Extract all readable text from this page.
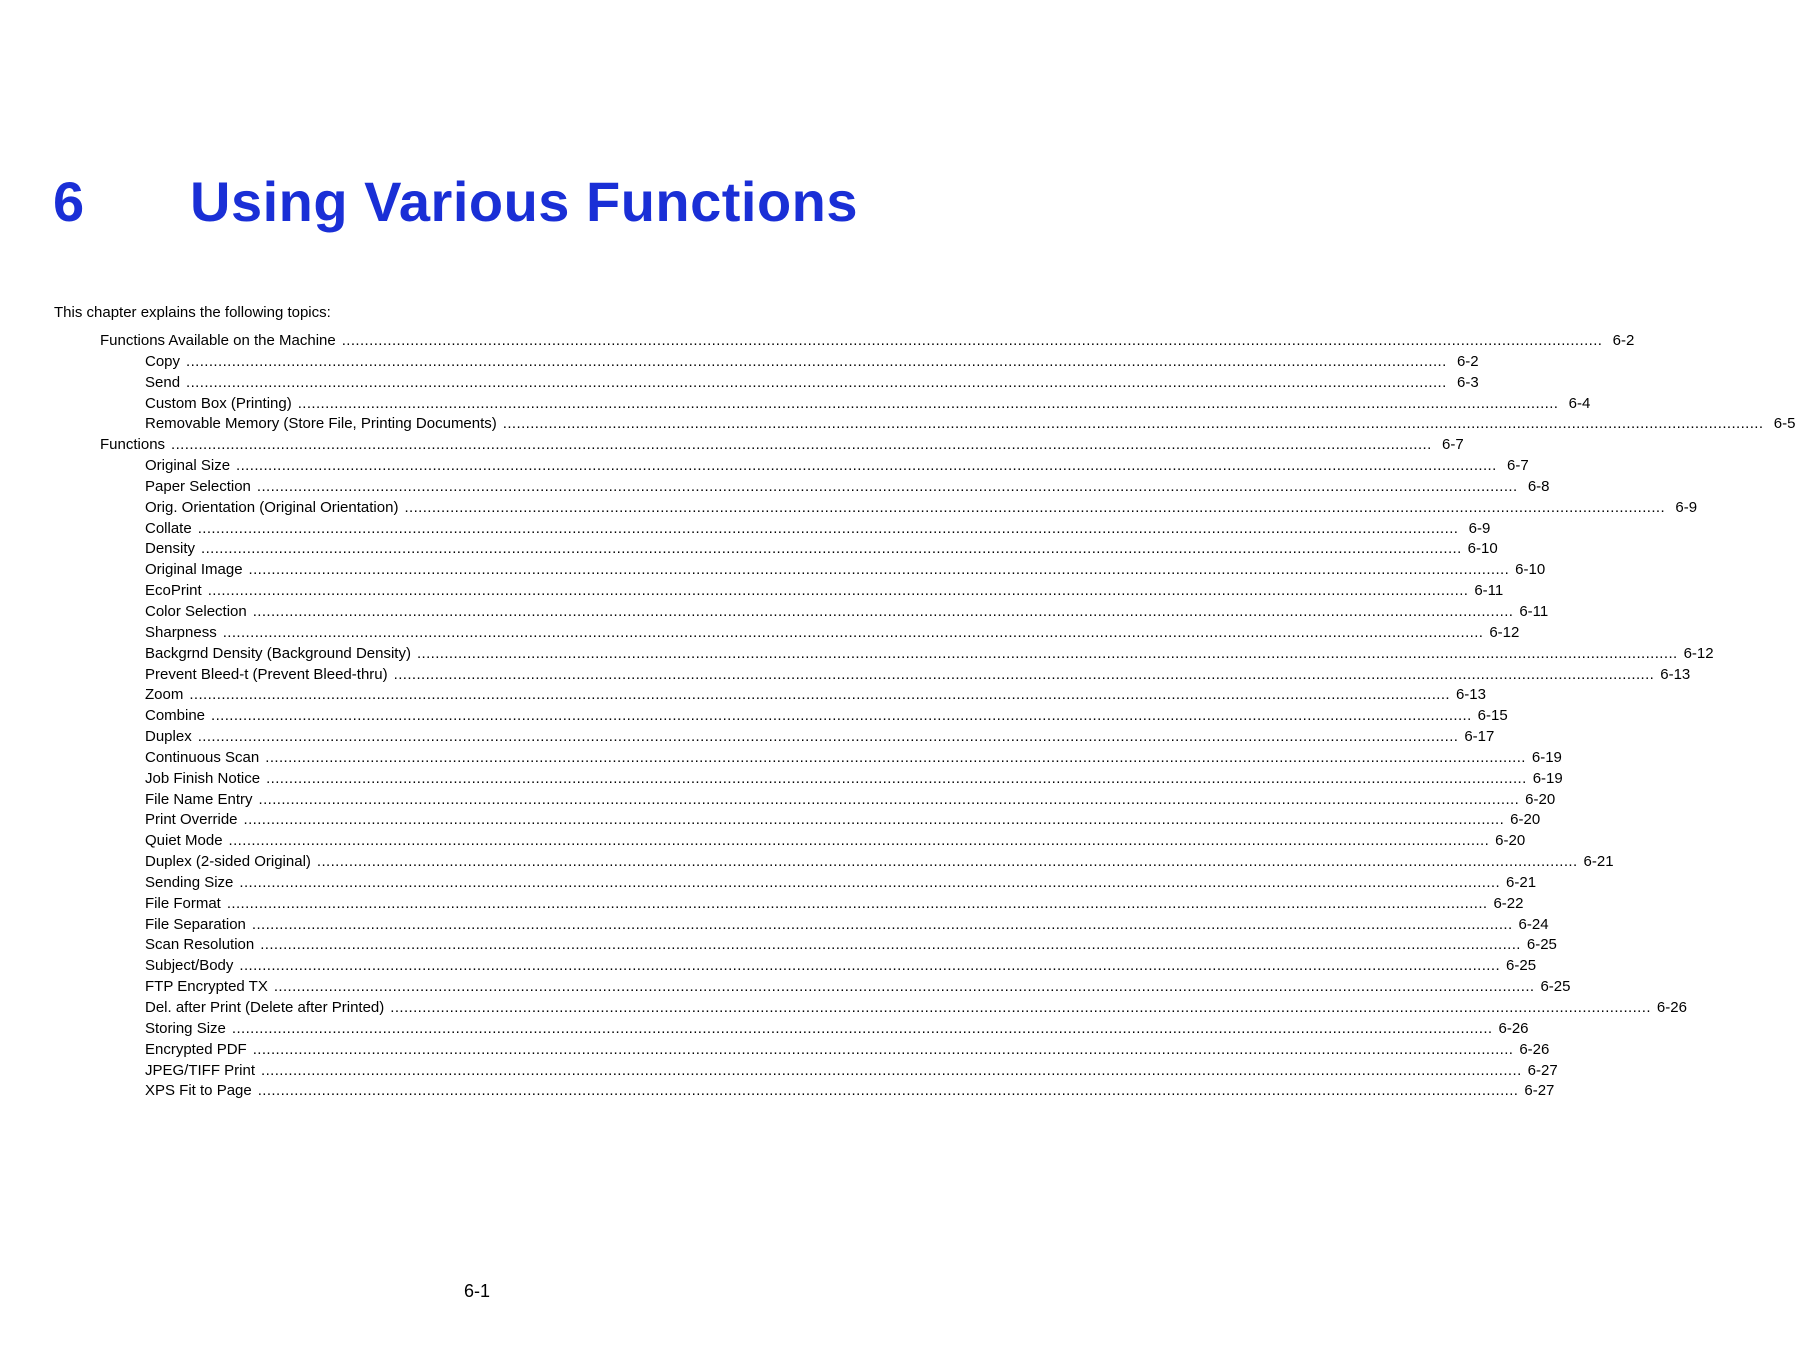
6 Using Various Functions
This chapter explains the following topics:
Functions Available on the Machine .....	6-2
Copy .....	6-2
Send .....	6-3
Custom Box (Printing) .....	6-4
Removable Memory (Store File, Printing Documents) .....	6-5
Functions .....	6-7
Original Size .....	6-7
Paper Selection .....	6-8
Orig. Orientation (Original Orientation) .....	6-9
Collate .....	6-9
Density .....	6-10
Original Image .....	6-10
EcoPrint .....	6-11
Color Selection .....	6-11
Sharpness .....	6-12
Backgrnd Density (Background Density) .....	6-12
Prevent Bleed-t (Prevent Bleed-thru) .....	6-13
Zoom .....	6-13
Combine .....	6-15
Duplex .....	6-17
Continuous Scan .....	6-19
Job Finish Notice .....	6-19
File Name Entry .....	6-20
Print Override .....	6-20
Quiet Mode .....	6-20
Duplex (2-sided Original) .....	6-21
Sending Size .....	6-21
File Format .....	6-22
File Separation .....	6-24
Scan Resolution .....	6-25
Subject/Body .....	6-25
FTP Encrypted TX .....	6-25
Del. after Print (Delete after Printed) .....	6-26
Storing Size .....	6-26
Encrypted PDF .....	6-26
JPEG/TIFF Print .....	6-27
XPS Fit to Page .....	6-27
6-1
